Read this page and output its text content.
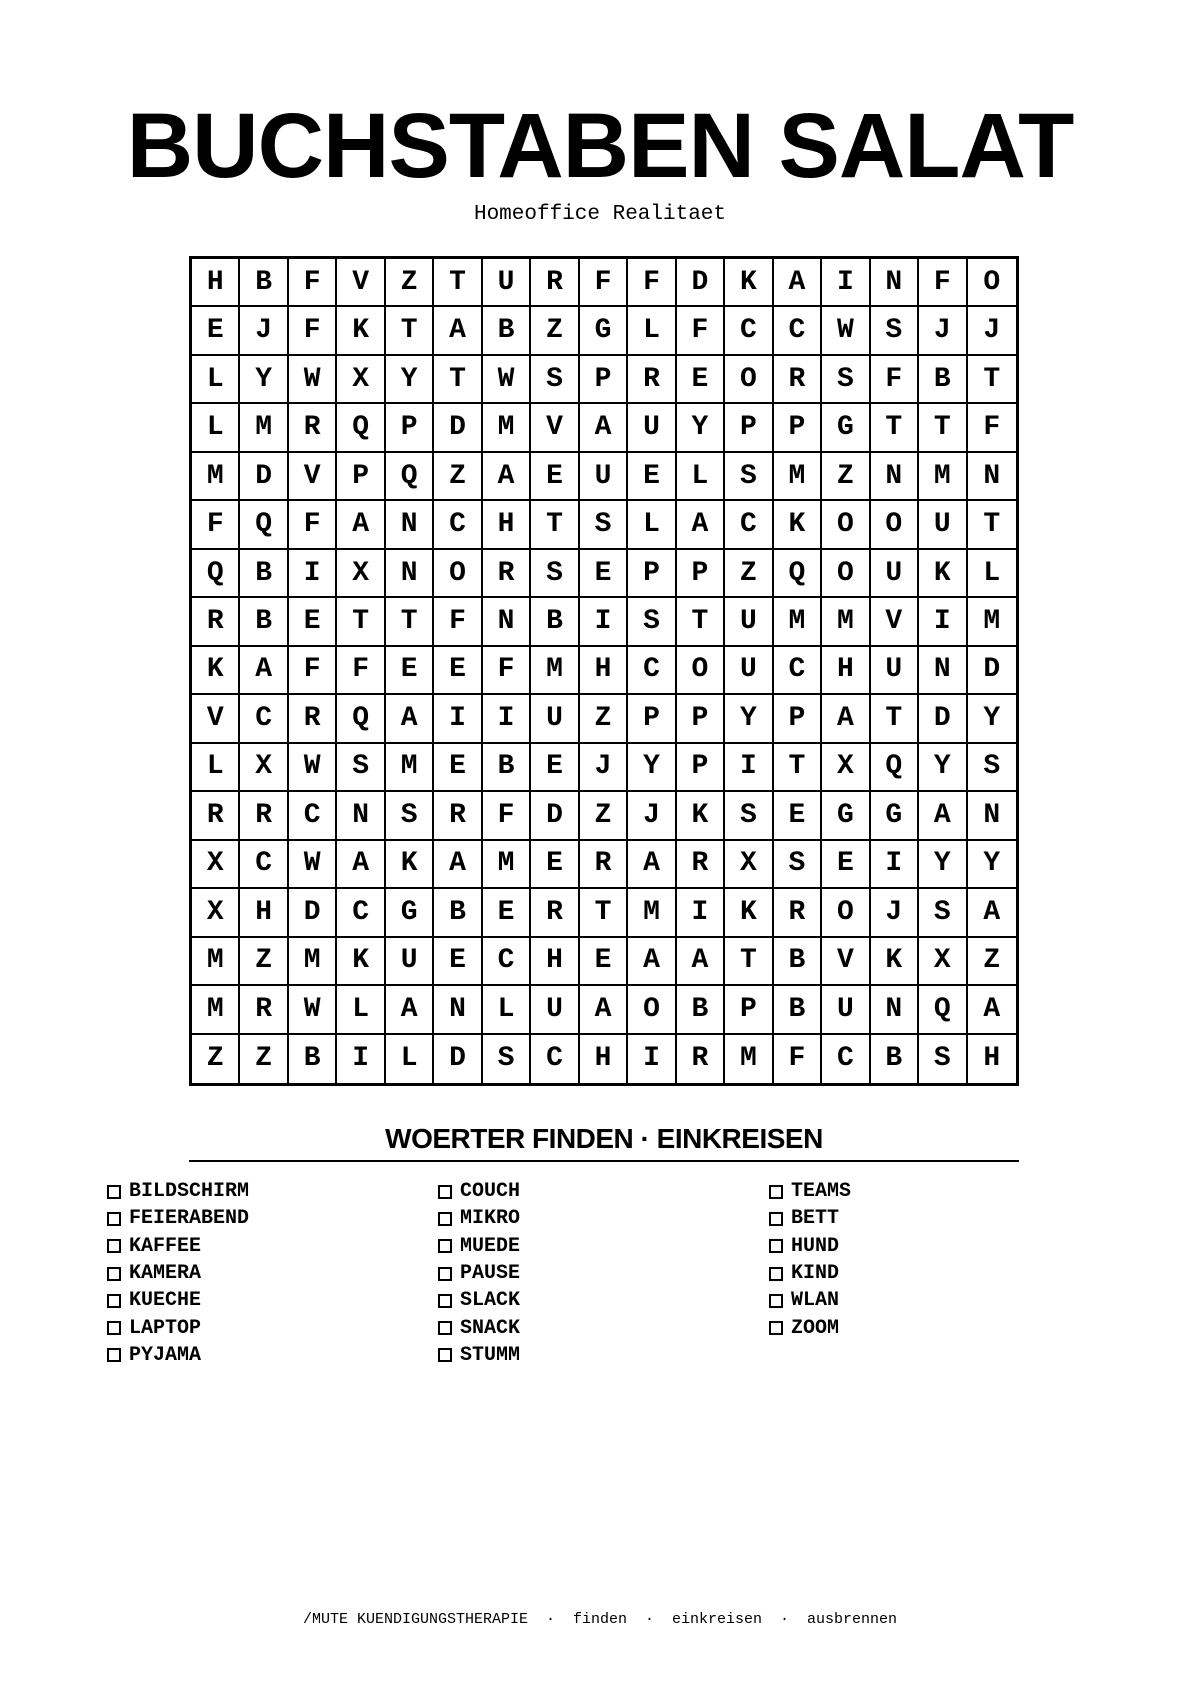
BUCHSTABEN SALAT
Homeoffice Realitaet
H	B	F	V	Z	T	U	R	F	F	D	K	A	I	N	F	O
E	J	F	K	T	A	B	Z	G	L	F	C	C	W	S	J	J
L	Y	W	X	Y	T	W	S	P	R	E	O	R	S	F	B	T
L	M	R	Q	P	D	M	V	A	U	Y	P	P	G	T	T	F
M	D	V	P	Q	Z	A	E	U	E	L	S	M	Z	N	M	N
F	Q	F	A	N	C	H	T	S	L	A	C	K	O	O	U	T
Q	B	I	X	N	O	R	S	E	P	P	Z	Q	O	U	K	L
R	B	E	T	T	F	N	B	I	S	T	U	M	M	V	I	M
K	A	F	F	E	E	F	M	H	C	O	U	C	H	U	N	D
V	C	R	Q	A	I	I	U	Z	P	P	Y	P	A	T	D	Y
L	X	W	S	M	E	B	E	J	Y	P	I	T	X	Q	Y	S
R	R	C	N	S	R	F	D	Z	J	K	S	E	G	G	A	N
X	C	W	A	K	A	M	E	R	A	R	X	S	E	I	Y	Y
X	H	D	C	G	B	E	R	T	M	I	K	R	O	J	S	A
M	Z	M	K	U	E	C	H	E	A	A	T	B	V	K	X	Z
M	R	W	L	A	N	L	U	A	O	B	P	B	U	N	Q	A
Z	Z	B	I	L	D	S	C	H	I	R	M	F	C	B	S	H
WOERTER FINDEN · EINKREISEN
BILDSCHIRM
FEIERABEND
KAFFEE
KAMERA
KUECHE
LAPTOP
PYJAMA
COUCH
MIKRO
MUEDE
PAUSE
SLACK
SNACK
STUMM
TEAMS
BETT
HUND
KIND
WLAN
ZOOM
/MUTE KUENDIGUNGSTHERAPIE  ·  finden  ·  einkreisen  ·  ausbrennen
